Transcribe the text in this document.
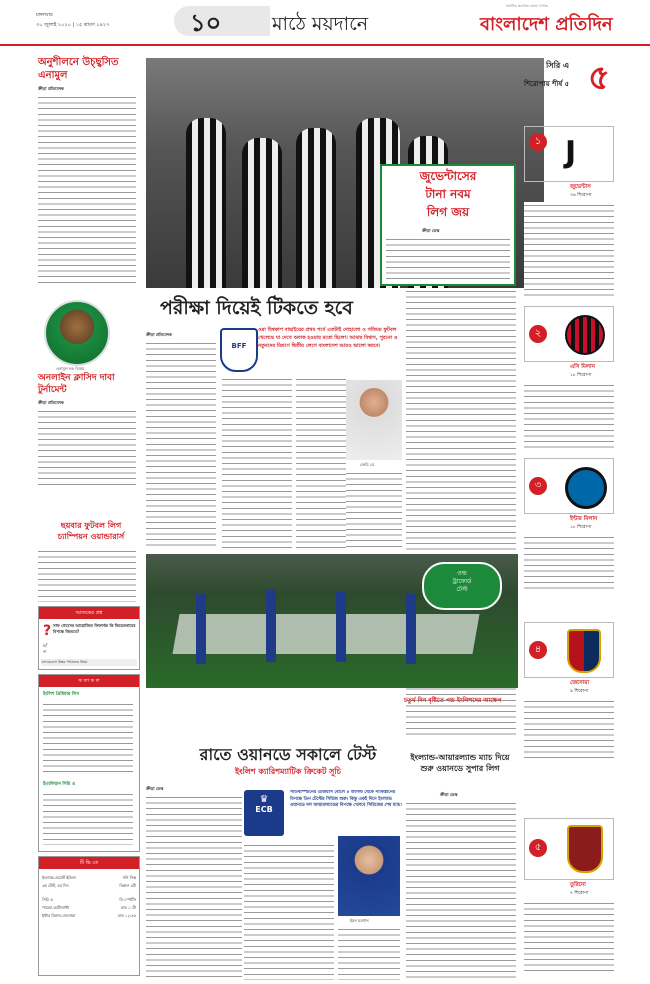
মঙ্গলবার
৩০ জুলাই ২০২০ | ১৫ শ্রাবণ ১৪২৭	১০	মাঠে ময়দানে
সর্বাধিক প্রচারিত বাংলা দৈনিক
বাংলাদেশ প্রতিদিন
অনুশীলনে উচ্ছ্বসিত এনামুল
ক্রীড়া প্রতিবেদক
এনামুল হক বিজয়
অনলাইন ক্লাসিদ দাবা টুর্নামেন্ট
ক্রীড়া প্রতিবেদক
ছয়বার ফুটবল লিগ চ্যাম্পিয়ন ওয়ান্ডারার্স
আজকের প্রশ্ন
? সাফ গেমসের আয়োজিত ফিফার্নন্ড কি ভিয়েতনামের বিপক্ষে জিতবে?
হ্যাঁ
না
এসএমএসে উত্তর পাঠানোর নিয়ম
ফ লা ফ ল
ইংলিশ প্রিমিয়ার লিগ
ইতালিয়ান সিরি এ
টি ভি তে
ইংল্যান্ড-ওয়েস্ট ইন্ডিজ	সনি সিক্স
৩য় টেস্ট, ৫ম দিন	বিকাল ৪টা
সিরি এ	ডি স্পোর্টস
প্যারমা-আটালান্টা	রাত ১০টা
ইন্টার মিলান-জেনোয়া	রাত ১২:৪৫
জুভেন্টাসের
টানা নবম
লিগ জয়
ক্রীড়া ডেস্ক
সিরি এ ৫
শিরোপায় শীর্ষ ৫
১ J
জুভেন্টাস
৩৬ শিরোপা
২
এসি মিলান
১৮ শিরোপা
৩
ইন্টার মিলান
১৮ শিরোপা
৪
জেনোয়া
৯ শিরোপা
৫
তুরিনো
৭ শিরোপা
পরীক্ষা দিয়েই টিকতে হবে
BFF
ওরা বিশ্বকাপ বাছাইয়ের প্রথম পর্বে এতটাই দোহালো ও গতিময় ফুটবল খেলেছে যা দেখে অবাক হওয়ার মতো ছিলো। আমার বিশ্বাস, পুরনো ও নতুনদের মিশ্রণে দ্বিতীয় লেগে বাংলাদেশ আরও ভালো করবে।
ক্রীড়া প্রতিবেদক
জেমি ডে
ওল্ড
ট্রাফোর্ড
টেস্ট
চতুর্থ দিন বৃষ্টিতে পন্ড ইংলিশদের আক্ষেপ
ইংল্যান্ড-আয়ারল্যান্ড ম্যাচ দিয়ে শুরু ওয়ানডে সুপার লিগ
ক্রীড়া ডেস্ক
রাতে ওয়ানডে সকালে টেস্ট
ইংলিশ ক্যারিশম্যাটিক ক্রিকেট সূচি
ক্রীড়া ডেস্ক
♛
ECB
সাউথাম্পটনের এজিয়াস বোলে ৪ আগস্ট থেকে পাকিস্তানের বিপক্ষে তিন টেস্টের সিরিজ শুরু। কিন্তু একই দিনে ইংল্যান্ড ওয়ানডে দল আয়ারল্যান্ডের বিপক্ষে খেলবে সিরিজের শেষ ম্যাচ।
ইয়ন মরগান
